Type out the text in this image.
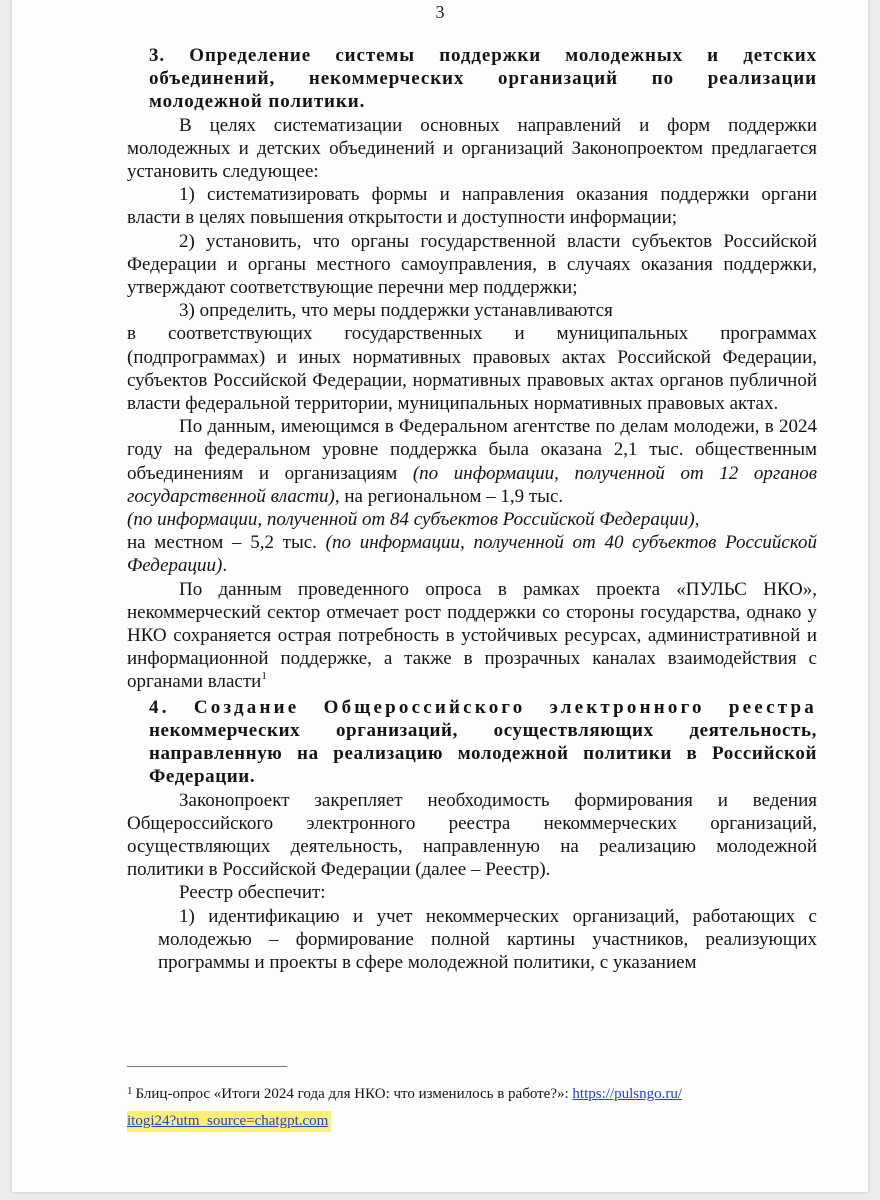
3

3. Определение системы поддержки молодежных и детских объединений, некоммерческих организаций по реализации молодежной политики.

В целях систематизации основных направлений и форм поддержки молодежных и детских объединений и организаций Законопроектом предлагается установить следующее:

1) систематизировать формы и направления оказания поддержки органи власти в целях повышения открытости и доступности информации;

2) установить, что органы государственной власти субъектов Российской Федерации и органы местного самоуправления, в случаях оказания поддержки, утверждают соответствующие перечни мер поддержки;

3) определить, что меры поддержки устанавливаются

в соответствующих государственных и муниципальных программах (подпрограммах) и иных нормативных правовых актах Российской Федерации, субъектов Российской Федерации, нормативных правовых актах органов публичной власти федеральной территории, муниципальных нормативных правовых актах.

По данным, имеющимся в Федеральном агентстве по делам молодежи, в 2024 году на федеральном уровне поддержка была оказана 2,1 тыс. общественным объединениям и организациям (по информации, полученной от 12 органов государственной власти), на региональном – 1,9 тыс.

(по информации, полученной от 84 субъектов Российской Федерации),

на местном – 5,2 тыс. (по информации, полученной от 40 субъектов Российской Федерации).

По данным проведенного опроса в рамках проекта «ПУЛЬС НКО», некоммерческий сектор отмечает рост поддержки со стороны государства, однако у НКО сохраняется острая потребность в устойчивых ресурсах, административной и информационной поддержке, а также в прозрачных каналах взаимодействия с органами власти$^1$

4. Создание Общероссийского электронного реестра некоммерческих организаций, осуществляющих деятельность, направленную на реализацию молодежной политики в Российской Федерации.

Законопроект закрепляет необходимость формирования и ведения Общероссийского электронного реестра некоммерческих организаций, осуществляющих деятельность, направленную на реализацию молодежной политики в Российской Федерации (далее – Реестр).

Реестр обеспечит:

1) идентификацию и учет некоммерческих организаций, работающих с молодежью – формирование полной картины участников, реализующих программы и проекты в сфере молодежной политики, с указанием

$^1$ Блиц-опрос «Итоги 2024 года для НКО: что изменилось в работе?»: https://pulsngo.ru/
itogi24?utm_source=chatgpt.com
